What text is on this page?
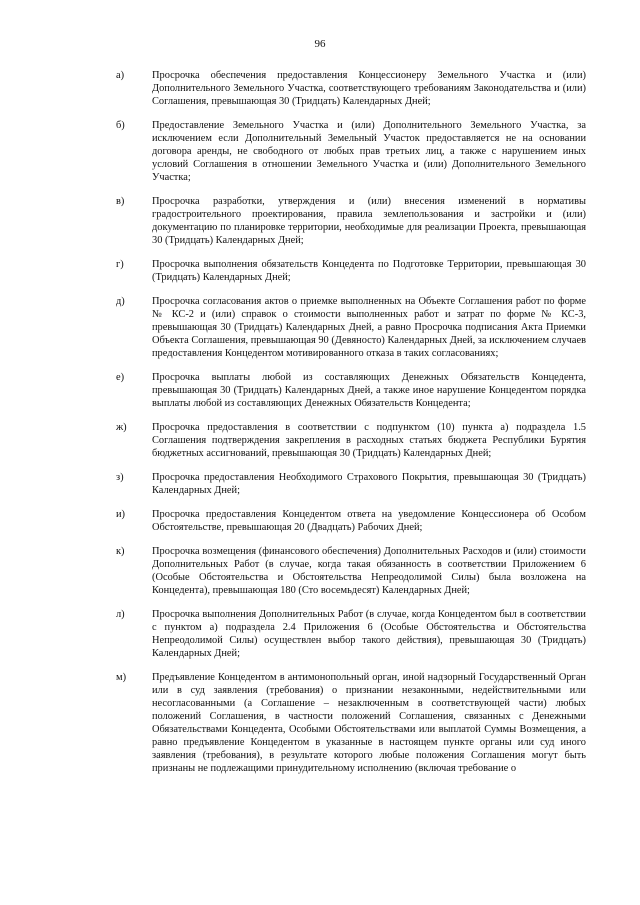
96
а)	Просрочка обеспечения предоставления Концессионеру Земельного Участка и (или) Дополнительного Земельного Участка, соответствующего требованиям Законодательства и (или) Соглашения, превышающая 30 (Тридцать) Календарных Дней;
б)	Предоставление Земельного Участка и (или) Дополнительного Земельного Участка, за исключением если Дополнительный Земельный Участок предоставляется не на основании договора аренды, не свободного от любых прав третьих лиц, а также с нарушением иных условий Соглашения в отношении Земельного Участка и (или) Дополнительного Земельного Участка;
в)	Просрочка разработки, утверждения и (или) внесения изменений в нормативы градостроительного проектирования, правила землепользования и застройки и (или) документацию по планировке территории, необходимые для реализации Проекта, превышающая 30 (Тридцать) Календарных Дней;
г)	Просрочка выполнения обязательств Концедента по Подготовке Территории, превышающая 30 (Тридцать) Календарных Дней;
д)	Просрочка согласования актов о приемке выполненных на Объекте Соглашения работ по форме № КС-2 и (или) справок о стоимости выполненных работ и затрат по форме № КС-3, превышающая 30 (Тридцать) Календарных Дней, а равно Просрочка подписания Акта Приемки Объекта Соглашения, превышающая 90 (Девяносто) Календарных Дней, за исключением случаев предоставления Концедентом мотивированного отказа в таких согласованиях;
е)	Просрочка выплаты любой из составляющих Денежных Обязательств Концедента, превышающая 30 (Тридцать) Календарных Дней, а также иное нарушение Концедентом порядка выплаты любой из составляющих Денежных Обязательств Концедента;
ж)	Просрочка предоставления в соответствии с подпунктом (10) пункта а) подраздела 1.5 Соглашения подтверждения закрепления в расходных статьях бюджета Республики Бурятия бюджетных ассигнований, превышающая 30 (Тридцать) Календарных Дней;
з)	Просрочка предоставления Необходимого Страхового Покрытия, превышающая 30 (Тридцать) Календарных Дней;
и)	Просрочка предоставления Концедентом ответа на уведомление Концессионера об Особом Обстоятельстве, превышающая 20 (Двадцать) Рабочих Дней;
к)	Просрочка возмещения (финансового обеспечения) Дополнительных Расходов и (или) стоимости Дополнительных Работ (в случае, когда такая обязанность в соответствии Приложением 6 (Особые Обстоятельства и Обстоятельства Непреодолимой Силы) была возложена на Концедента), превышающая 180 (Сто восемьдесят) Календарных Дней;
л)	Просрочка выполнения Дополнительных Работ (в случае, когда Концедентом был в соответствии с пунктом а) подраздела 2.4 Приложения 6 (Особые Обстоятельства и Обстоятельства Непреодолимой Силы) осуществлен выбор такого действия), превышающая 30 (Тридцать) Календарных Дней;
м)	Предъявление Концедентом в антимонопольный орган, иной надзорный Государственный Орган или в суд заявления (требования) о признании незаконными, недействительными или несогласованными (а Соглашение – незаключенным в соответствующей части) любых положений Соглашения, в частности положений Соглашения, связанных с Денежными Обязательствами Концедента, Особыми Обстоятельствами или выплатой Суммы Возмещения, а равно предъявление Концедентом в указанные в настоящем пункте органы или суд иного заявления (требования), в результате которого любые положения Соглашения могут быть признаны не подлежащими принудительному исполнению (включая требование о
